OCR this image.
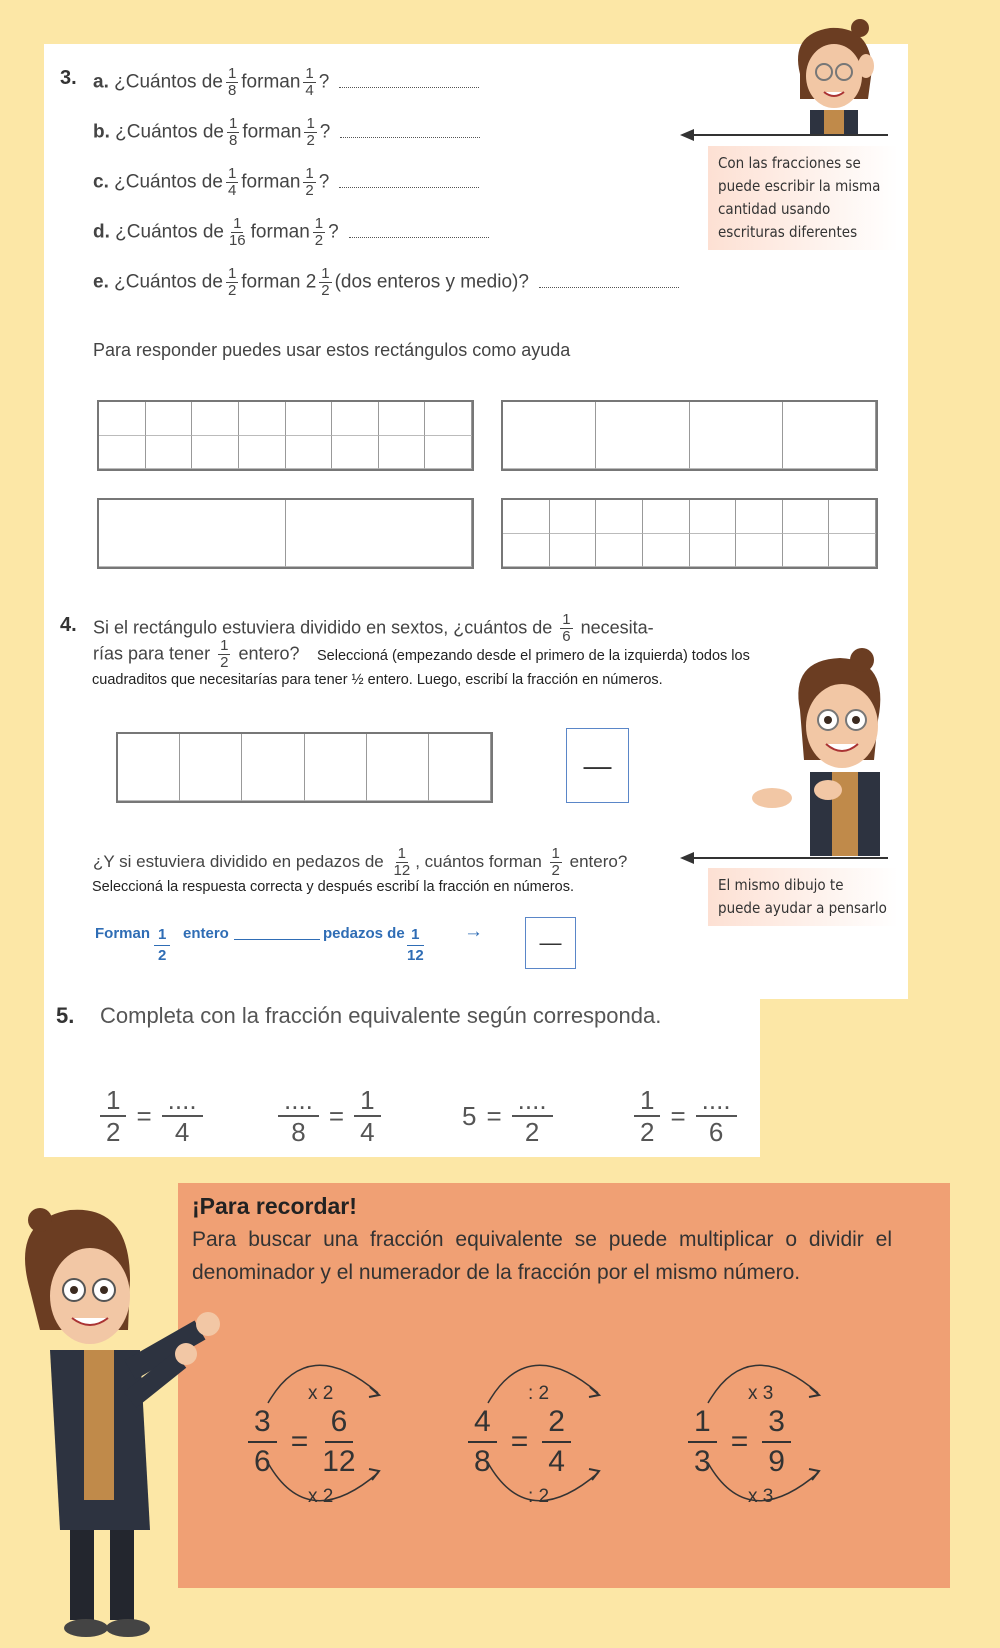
3. a. ¿Cuántos de $\frac{1}{8}$ forman $\frac{1}{4}$ ?
b. ¿Cuántos de $\frac{1}{8}$ forman $\frac{1}{2}$ ?
c. ¿Cuántos de $\frac{1}{4}$ forman $\frac{1}{2}$ ?
d. ¿Cuántos de $\frac{1}{16}$ forman $\frac{1}{2}$ ?
e. ¿Cuántos de $\frac{1}{2}$ forman $2 \frac{1}{2} (dos$ enteros y medio)?
Con las fracciones se puede escribir la misma cantidad usando escrituras diferentes
Para responder puedes usar estos rectángulos como ayuda
4. Si el rectángulo estuviera dividido en sextos, ¿cuántos de $\frac{1}{6}$ necesita-
rías para tener $\frac{1}{2}$ entero? Seleccioná (empezando desde el primero de la izquierda) todos los
cuadraditos que necesitarías para tener ½ entero. Luego, escribí la fracción en números.
—
¿Y si estuviera dividido en pedazos de $\frac{1}{12}$ , cuántos forman $\frac{1}{2}$ entero?
El mismo dibujo te puede ayudar a pensarlo
Seleccioná la respuesta correcta y después escribí la fracción en números.
Forman $\frac{1}{2}$ entero	pedazos de $\frac{1}{12}$ →	—
5. Completa con la fracción equivalente según corresponda.
$\frac{1}{2} = \frac{....}{4}$	$\frac{....}{8} = \frac{1}{4}$	$5 = \frac{....}{2}$	$\frac{1}{2} = \frac{....}{6}$
¡Para recordar!
Para buscar una fracción equivalente se puede multiplicar o dividir el denominador y el numerador de la fracción por el mismo número.
x 2
$\frac{3}{6} = \frac{6}{12}$
x 2
: 2
$\frac{4}{8} = \frac{2}{4}$
: 2
x 3
$\frac{1}{3} = \frac{3}{9}$
x 3
